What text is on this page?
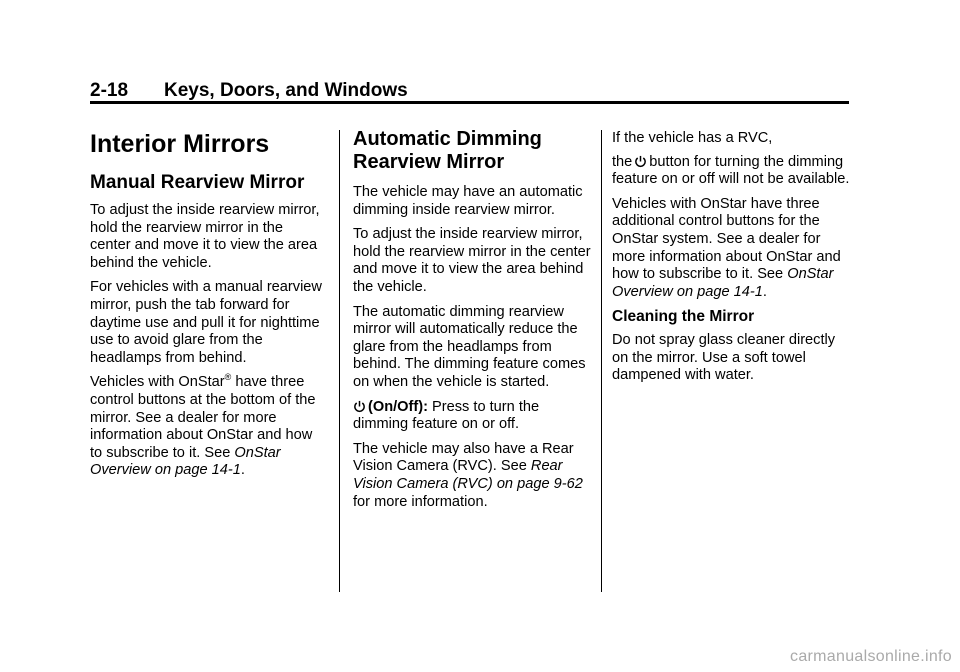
2-18 Keys, Doors, and Windows
Interior Mirrors
Manual Rearview Mirror

To adjust the inside rearview mirror, hold the rearview mirror in the center and move it to view the area behind the vehicle.

For vehicles with a manual rearview mirror, push the tab forward for daytime use and pull it for nighttime use to avoid glare from the headlamps from behind.

Vehicles with OnStar® have three control buttons at the bottom of the mirror. See a dealer for more information about OnStar and how to subscribe to it. See OnStar Overview on page 14-1.

Automatic Dimming Rearview Mirror

The vehicle may have an automatic dimming inside rearview mirror.

To adjust the inside rearview mirror, hold the rearview mirror in the center and move it to view the area behind the vehicle.

The automatic dimming rearview mirror will automatically reduce the glare from the headlamps from behind. The dimming feature comes on when the vehicle is started.

(On/Off): Press to turn the dimming feature on or off.

The vehicle may also have a Rear Vision Camera (RVC). See Rear Vision Camera (RVC) on page 9-62 for more information.

If the vehicle has a RVC,
the button for turning the dimming feature on or off will not be available.

Vehicles with OnStar have three additional control buttons for the OnStar system. See a dealer for more information about OnStar and how to subscribe to it. See OnStar Overview on page 14-1.

Cleaning the Mirror

Do not spray glass cleaner directly on the mirror. Use a soft towel dampened with water.

carmanualsonline.info
